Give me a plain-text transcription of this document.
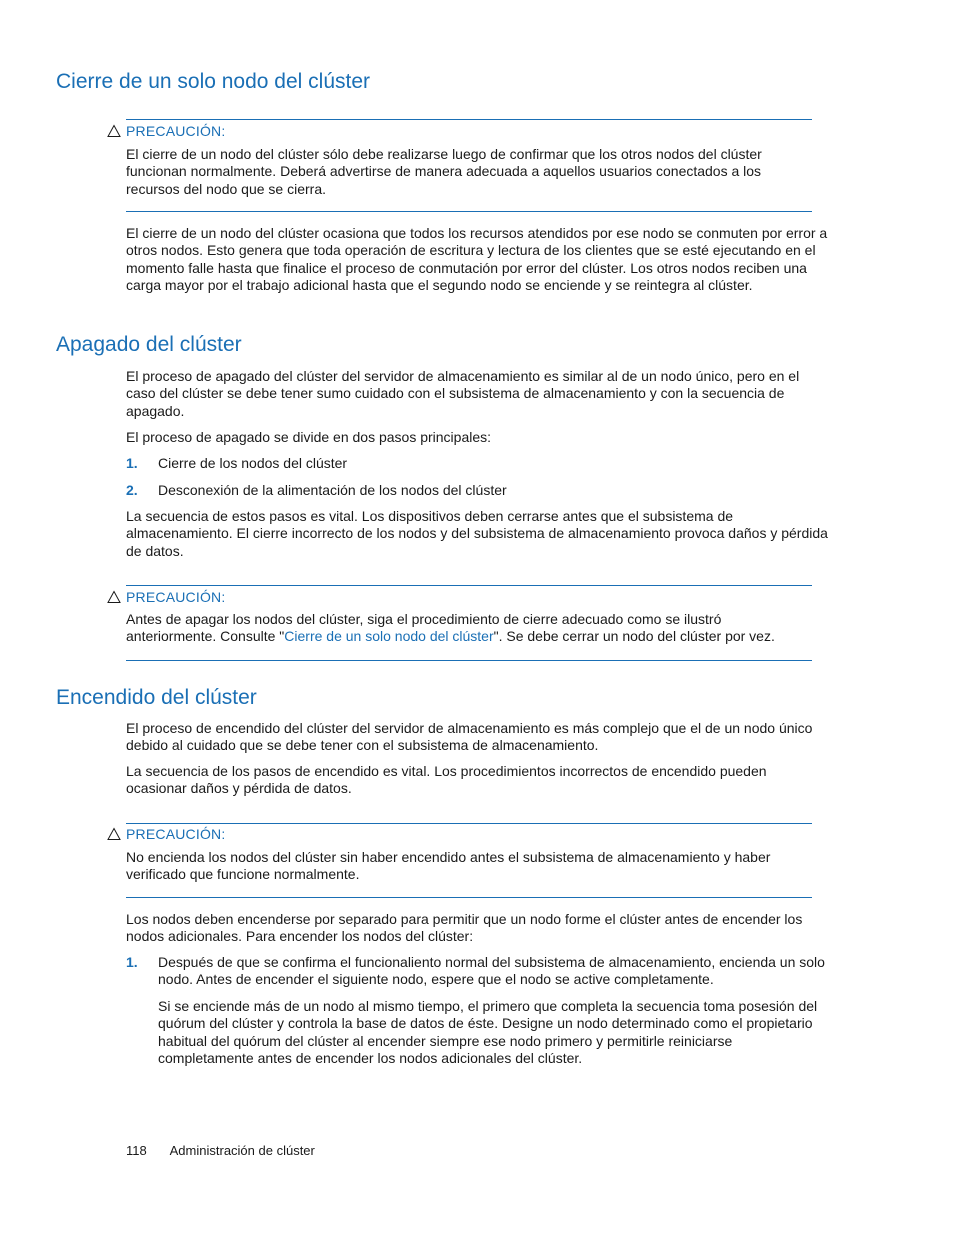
Cierre de un solo nodo del clúster
PRECAUCIÓN:

El cierre de un nodo del clúster sólo debe realizarse luego de confirmar que los otros nodos del clúster funcionan normalmente. Deberá advertirse de manera adecuada a aquellos usuarios conectados a los recursos del nodo que se cierra.

El cierre de un nodo del clúster ocasiona que todos los recursos atendidos por ese nodo se conmuten por error a otros nodos. Esto genera que toda operación de escritura y lectura de los clientes que se esté ejecutando en el momento falle hasta que finalice el proceso de conmutación por error del clúster. Los otros nodos reciben una carga mayor por el trabajo adicional hasta que el segundo nodo se enciende y se reintegra al clúster.

Apagado del clúster

El proceso de apagado del clúster del servidor de almacenamiento es similar al de un nodo único, pero en el caso del clúster se debe tener sumo cuidado con el subsistema de almacenamiento y con la secuencia de apagado.

El proceso de apagado se divide en dos pasos principales:

1. Cierre de los nodos del clúster
2. Desconexión de la alimentación de los nodos del clúster

La secuencia de estos pasos es vital. Los dispositivos deben cerrarse antes que el subsistema de almacenamiento. El cierre incorrecto de los nodos y del subsistema de almacenamiento provoca daños y pérdida de datos.

PRECAUCIÓN:

Antes de apagar los nodos del clúster, siga el procedimiento de cierre adecuado como se ilustró anteriormente. Consulte "Cierre de un solo nodo del clúster". Se debe cerrar un nodo del clúster por vez.

Encendido del clúster

El proceso de encendido del clúster del servidor de almacenamiento es más complejo que el de un nodo único debido al cuidado que se debe tener con el subsistema de almacenamiento.

La secuencia de los pasos de encendido es vital. Los procedimientos incorrectos de encendido pueden ocasionar daños y pérdida de datos.

PRECAUCIÓN:

No encienda los nodos del clúster sin haber encendido antes el subsistema de almacenamiento y haber verificado que funcione normalmente.

Los nodos deben encenderse por separado para permitir que un nodo forme el clúster antes de encender los nodos adicionales. Para encender los nodos del clúster:

1. Después de que se confirma el funcionaliento normal del subsistema de almacenamiento, encienda un solo nodo. Antes de encender el siguiente nodo, espere que el nodo se active completamente.

Si se enciende más de un nodo al mismo tiempo, el primero que completa la secuencia toma posesión del quórum del clúster y controla la base de datos de éste. Designe un nodo determinado como el propietario habitual del quórum del clúster al encender siempre ese nodo primero y permitirle reiniciarse completamente antes de encender los nodos adicionales del clúster.

118 Administración de clúster
